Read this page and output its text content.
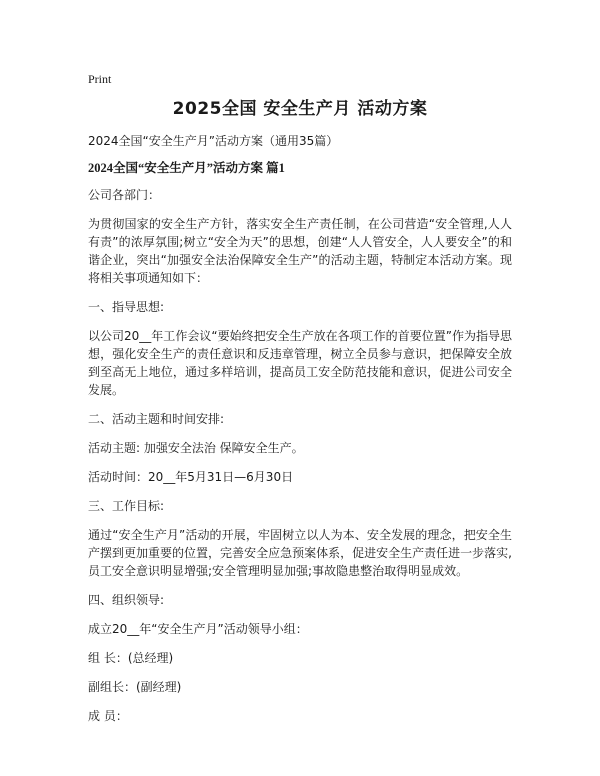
Print
2025全国 安全生产月 活动方案
2024全国“安全生产月”活动方案（通用35篇）
2024全国“安全生产月”活动方案 篇1
公司各部门：
为贯彻国家的安全生产方针，落实安全生产责任制，在公司营造“安全管理,人人有责”的浓厚氛围;树立“安全为天”的思想，创建“人人管安全，人人要安全”的和谐企业，突出“加强安全法治保障安全生产”的活动主题，特制定本活动方案。现将相关事项通知如下：
一、指导思想:
以公司20__年工作会议“要始终把安全生产放在各项工作的首要位置”作为指导思想，强化安全生产的责任意识和反违章管理，树立全员参与意识，把保障安全放到至高无上地位，通过多样培训，提高员工安全防范技能和意识，促进公司安全发展。
二、活动主题和时间安排:
活动主题: 加强安全法治 保障安全生产。
活动时间：20__年5月31日—6月30日
三、工作目标:
通过“安全生产月”活动的开展，牢固树立以人为本、安全发展的理念，把安全生产摆到更加重要的位置，完善安全应急预案体系，促进安全生产责任进一步落实,员工安全意识明显增强;安全管理明显加强;事故隐患整治取得明显成效。
四、组织领导:
成立20__年“安全生产月”活动领导小组：
组 长：(总经理)
副组长：(副经理)
成 员：
